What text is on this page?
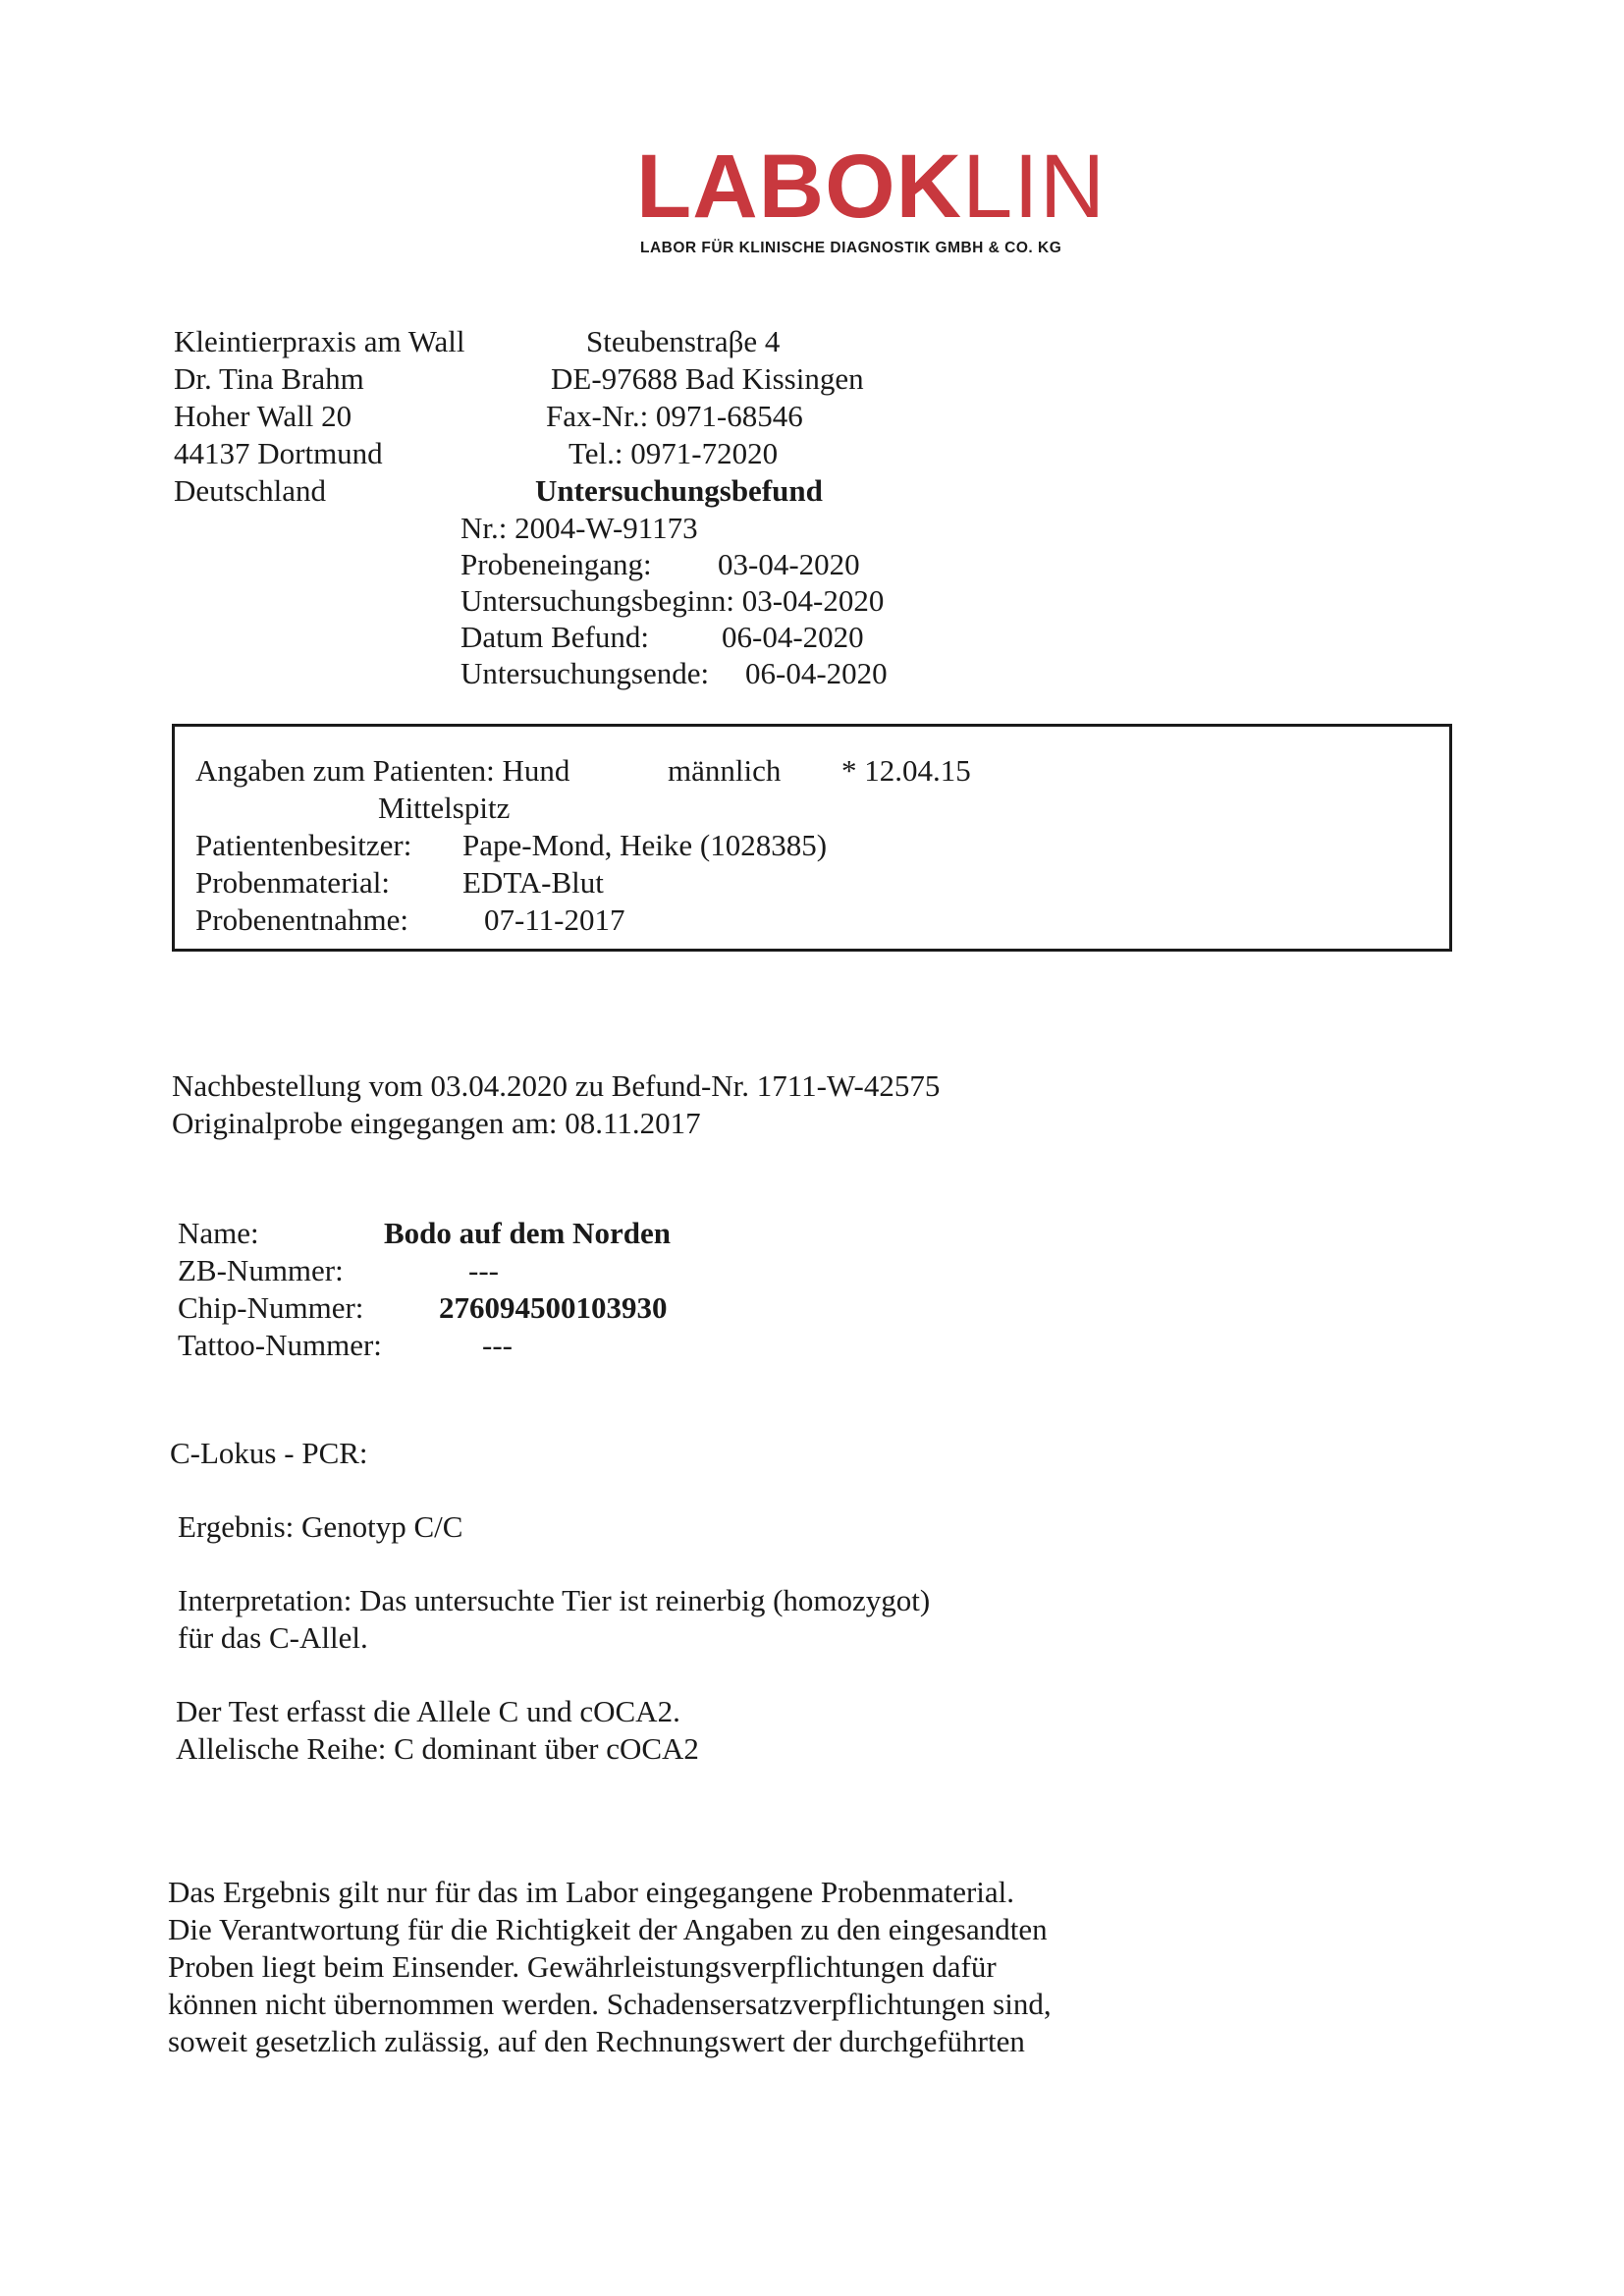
LABOKLIN
LABOR FÜR KLINISCHE DIAGNOSTIK GMBH & CO. KG
Kleintierpraxis am Wall
Dr. Tina Brahm
Hoher Wall 20
44137 Dortmund
Deutschland
Steubenstraβe 4
DE-97688 Bad Kissingen
Fax-Nr.: 0971-68546
Tel.: 0971-72020
Untersuchungsbefund
Nr.: 2004-W-91173
Probeneingang: 03-04-2020
Untersuchungsbeginn: 03-04-2020
Datum Befund: 06-04-2020
Untersuchungsende: 06-04-2020
Angaben zum Patienten: Hund	männlich * 12.04.15
Mittelspitz
Patientenbesitzer: Pape-Mond, Heike (1028385)
Probenmaterial: EDTA-Blut
Probenentnahme: 07-11-2017
Nachbestellung vom 03.04.2020 zu Befund-Nr. 1711-W-42575
Originalprobe eingegangen am: 08.11.2017
Name:	Bodo auf dem Norden
ZB-Nummer:	---
Chip-Nummer: 276094500103930
Tattoo-Nummer:	---
C-Lokus - PCR:
Ergebnis: Genotyp C/C
Interpretation: Das untersuchte Tier ist reinerbig (homozygot)
für das C-Allel.
Der Test erfasst die Allele C und cOCA2.
Allelische Reihe: C dominant über cOCA2
Das Ergebnis gilt nur für das im Labor eingegangene Probenmaterial.
Die Verantwortung für die Richtigkeit der Angaben zu den eingesandten
Proben liegt beim Einsender. Gewährleistungsverpflichtungen dafür
können nicht übernommen werden. Schadensersatzverpflichtungen sind,
soweit gesetzlich zulässig, auf den Rechnungswert der durchgeführten
